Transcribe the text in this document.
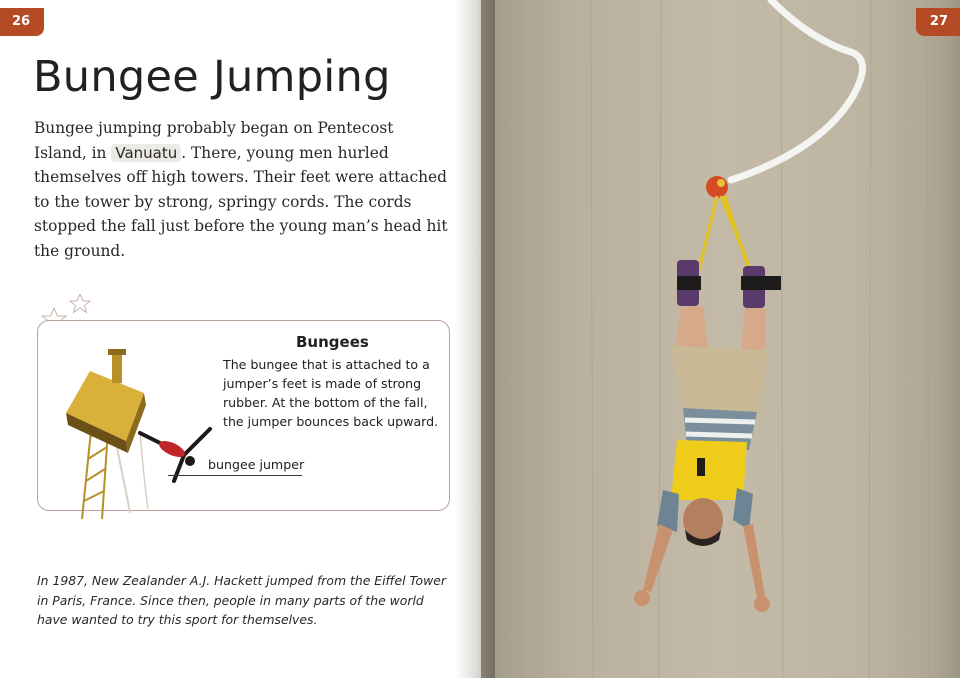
26
Bungee Jumping

Bungee jumping probably began on Pentecost Island, in Vanuatu . There, young men hurled themselves off high towers. Their feet were attached to the tower by strong, springy cords. The cords stopped the fall just before the young man’s head hit the ground.

Bungees

The bungee that is attached to a jumper’s feet is made of strong rubber. At the bottom of the fall, the jumper bounces back upward.

bungee jumper

In 1987, New Zealander A.J. Hackett jumped from the Eiffel Tower in Paris, France. Since then, people in many parts of the world have wanted to try this sport for themselves.

27
